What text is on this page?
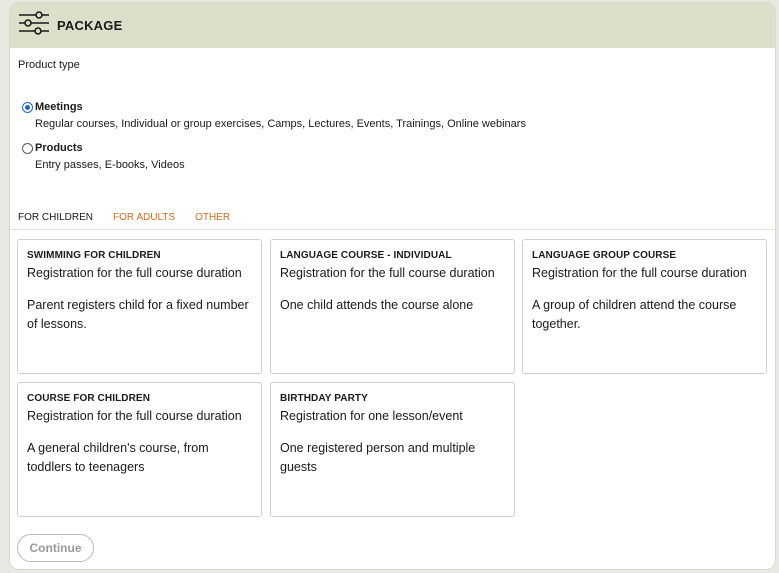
PACKAGE
Product type
Meetings
Regular courses, Individual or group exercises, Camps, Lectures, Events, Trainings, Online webinars
Products
Entry passes, E-books, Videos
FOR CHILDREN FOR ADULTS OTHER
SWIMMING FOR CHILDREN
Registration for the full course duration
Parent registers child for a fixed number of lessons.
LANGUAGE COURSE - INDIVIDUAL
Registration for the full course duration
One child attends the course alone
LANGUAGE GROUP COURSE
Registration for the full course duration
A group of children attend the course together.
COURSE FOR CHILDREN
Registration for the full course duration
A general children's course, from toddlers to teenagers
BIRTHDAY PARTY
Registration for one lesson/event
One registered person and multiple guests
Continue
